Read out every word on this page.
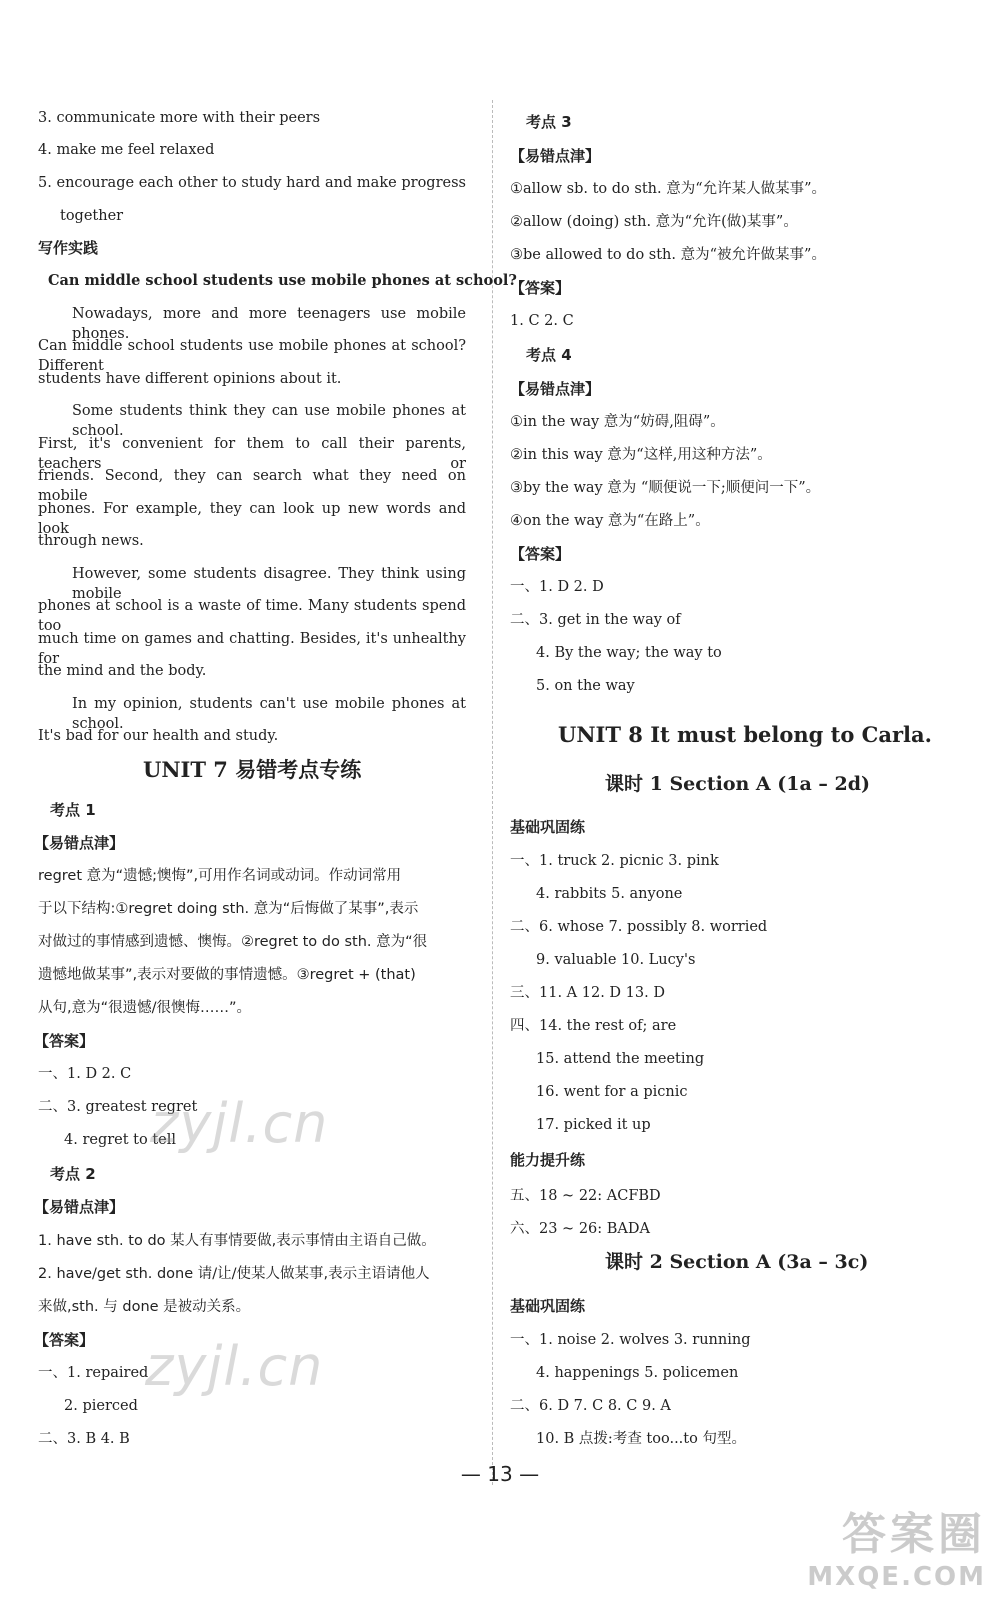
3. communicate more with their peers
4. make me feel relaxed
5. encourage each other to study hard and make progress
together
写作实践
Can middle school students use mobile phones at school?
Nowadays, more and more teenagers use mobile phones.
Can middle school students use mobile phones at school? Different
students have different opinions about it.
Some students think they can use mobile phones at school.
First, it's convenient for them to call their parents, teachers or
friends. Second, they can search what they need on mobile
phones. For example, they can look up new words and look
through news.
However, some students disagree. They think using mobile
phones at school is a waste of time. Many students spend too
much time on games and chatting. Besides, it's unhealthy for
the mind and the body.
In my opinion, students can't use mobile phones at school.
It's bad for our health and study.
UNIT 7 易错考点专练
考点 1
【易错点津】
regret 意为“遗憾;懊悔”,可用作名词或动词。作动词常用
于以下结构:①regret doing sth. 意为“后悔做了某事”,表示
对做过的事情感到遗憾、懊悔。②regret to do sth. 意为“很
遗憾地做某事”,表示对要做的事情遗憾。③regret + (that)
从句,意为“很遗憾/很懊悔……”。
【答案】
一、1. D 2. C
二、3. greatest regret
4. regret to tell
考点 2
【易错点津】
1. have sth. to do 某人有事情要做,表示事情由主语自己做。
2. have/get sth. done 请/让/使某人做某事,表示主语请他人
来做,sth. 与 done 是被动关系。
【答案】
一、1. repaired
2. pierced
二、3. B 4. B
考点 3
【易错点津】
①allow sb. to do sth. 意为“允许某人做某事”。
②allow (doing) sth. 意为“允许(做)某事”。
③be allowed to do sth. 意为“被允许做某事”。
【答案】
1. C 2. C
考点 4
【易错点津】
①in the way 意为“妨碍,阻碍”。
②in this way 意为“这样,用这种方法”。
③by the way 意为 “顺便说一下;顺便问一下”。
④on the way 意为“在路上”。
【答案】
一、1. D 2. D
二、3. get in the way of
4. By the way; the way to
5. on the way
UNIT 8 It must belong to Carla.
课时 1 Section A (1a – 2d)
基础巩固练
一、1. truck 2. picnic 3. pink
4. rabbits 5. anyone
二、6. whose 7. possibly 8. worried
9. valuable 10. Lucy's
三、11. A 12. D 13. D
四、14. the rest of; are
15. attend the meeting
16. went for a picnic
17. picked it up
能力提升练
五、18 ~ 22: ACFBD
六、23 ~ 26: BADA
课时 2 Section A (3a – 3c)
基础巩固练
一、1. noise 2. wolves 3. running
4. happenings 5. policemen
二、6. D 7. C 8. C 9. A
10. B 点拨:考查 too...to 句型。
— 13 —
zyjl.cn
zyjl.cn
答案圈
MXQE.COM
